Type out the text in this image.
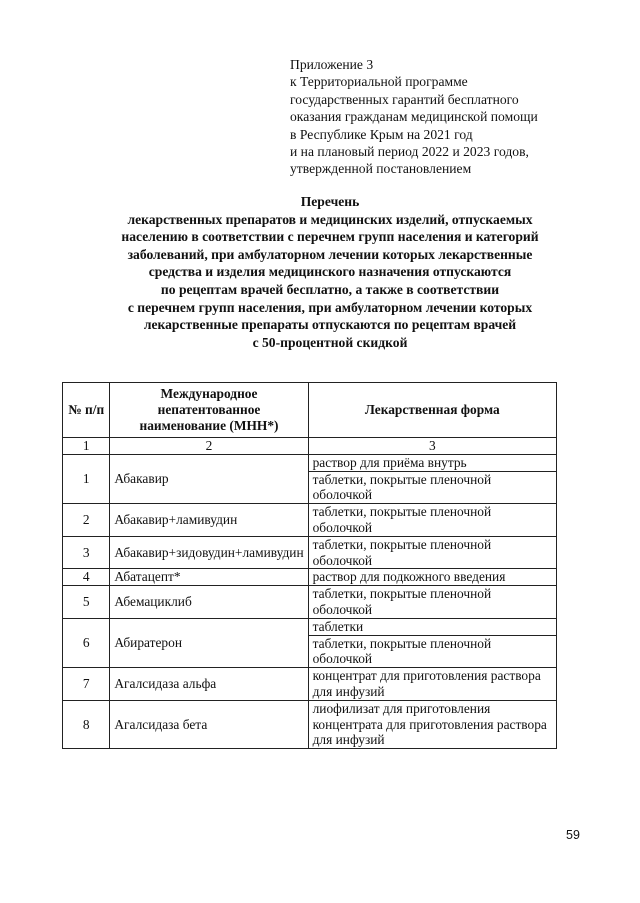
Приложение 3
к Территориальной программе
государственных гарантий бесплатного
оказания гражданам медицинской помощи
в Республике Крым на 2021 год
и на плановый период 2022 и 2023 годов,
утвержденной постановлением
Перечень
лекарственных препаратов и медицинских изделий, отпускаемых
населению в соответствии с перечнем групп населения и категорий
заболеваний, при амбулаторном лечении которых лекарственные
средства и изделия медицинского назначения отпускаются
по рецептам врачей бесплатно, а также в соответствии
с перечнем групп населения, при амбулаторном лечении которых
лекарственные препараты отпускаются по рецептам врачей
с 50-процентной скидкой
№ п/п	Международное непатентованное наименование (МНН*)	Лекарственная форма
1	2	3
1	Абакавир	раствор для приёма внутрь
		таблетки, покрытые пленочной оболочкой
2	Абакавир+ламивудин	таблетки, покрытые пленочной оболочкой
3	Абакавир+зидовудин+ламивудин	таблетки, покрытые пленочной оболочкой
4	Абатацепт*	раствор для подкожного введения
5	Абемациклиб	таблетки, покрытые пленочной оболочкой
6	Абиратерон	таблетки
		таблетки, покрытые пленочной оболочкой
7	Агалсидаза альфа	концентрат для приготовления раствора для инфузий
8	Агалсидаза бета	лиофилизат для приготовления концентрата для приготовления раствора для инфузий
59
